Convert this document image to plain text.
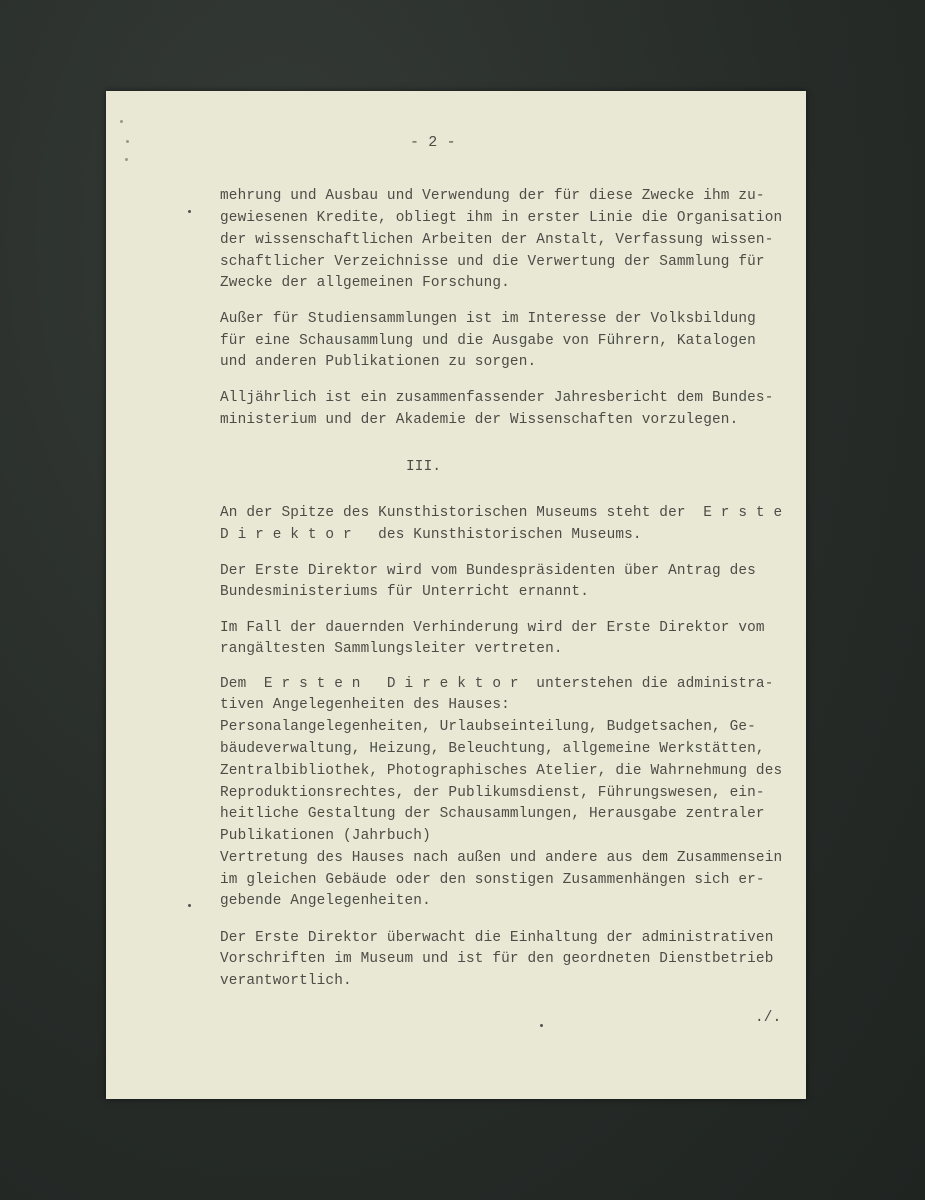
- 2 -
mehrung und Ausbau und Verwendung der für diese Zwecke ihm zu-
gewiesenen Kredite, obliegt ihm in erster Linie die Organisation
der wissenschaftlichen Arbeiten der Anstalt, Verfassung wissen-
schaftlicher Verzeichnisse und die Verwertung der Sammlung für
Zwecke der allgemeinen Forschung.
Außer für Studiensammlungen ist im Interesse der Volksbildung
für eine Schausammlung und die Ausgabe von Führern, Katalogen
und anderen Publikationen zu sorgen.
Alljährlich ist ein zusammenfassender Jahresbericht dem Bundes-
ministerium und der Akademie der Wissenschaften vorzulegen.
III.
An der Spitze des Kunsthistorischen Museums steht der  E r s t e
D i r e k t o r   des Kunsthistorischen Museums.
Der Erste Direktor wird vom Bundespräsidenten über Antrag des
Bundesministeriums für Unterricht ernannt.
Im Fall der dauernden Verhinderung wird der Erste Direktor vom
rangältesten Sammlungsleiter vertreten.
Dem  E r s t e n   D i r e k t o r  unterstehen die administra-
tiven Angelegenheiten des Hauses:
Personalangelegenheiten, Urlaubseinteilung, Budgetsachen, Ge-
bäudeverwaltung, Heizung, Beleuchtung, allgemeine Werkstätten,
Zentralbibliothek, Photographisches Atelier, die Wahrnehmung des
Reproduktionsrechtes, der Publikumsdienst, Führungswesen, ein-
heitliche Gestaltung der Schausammlungen, Herausgabe zentraler
Publikationen (Jahrbuch)
Vertretung des Hauses nach außen und andere aus dem Zusammensein
im gleichen Gebäude oder den sonstigen Zusammenhängen sich er-
gebende Angelegenheiten.
Der Erste Direktor überwacht die Einhaltung der administrativen
Vorschriften im Museum und ist für den geordneten Dienstbetrieb
verantwortlich.
./.
